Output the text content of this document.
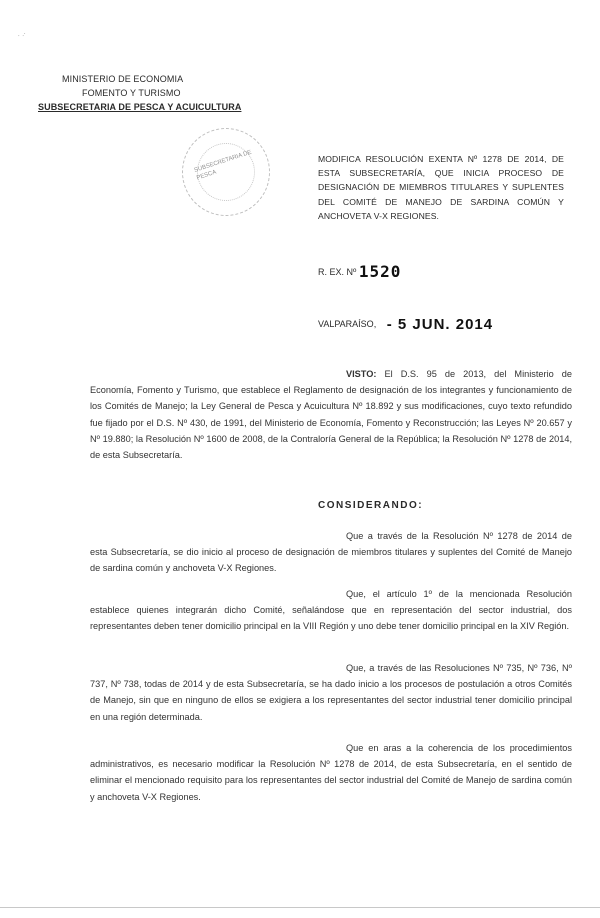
· .·
MINISTERIO DE ECONOMIA
FOMENTO Y TURISMO
SUBSECRETARIA DE PESCA Y ACUICULTURA
SUBSECRETARIA DE PESCA
MODIFICA RESOLUCIÓN EXENTA Nº 1278 DE 2014, DE ESTA SUBSECRETARÍA, QUE INICIA PROCESO DE DESIGNACIÓN DE MIEMBROS TITULARES Y SUPLENTES DEL COMITÉ DE MANEJO DE SARDINA COMÚN Y ANCHOVETA V-X REGIONES.
R. EX. Nº 1520
VALPARAÍSO, - 5 JUN. 2014
VISTO: El D.S. 95 de 2013, del Ministerio de Economía, Fomento y Turismo, que establece el Reglamento de designación de los integrantes y funcionamiento de los Comités de Manejo; la Ley General de Pesca y Acuicultura Nº 18.892 y sus modificaciones, cuyo texto refundido fue fijado por el D.S. Nº 430, de 1991, del Ministerio de Economía, Fomento y Reconstrucción; las Leyes Nº 20.657 y Nº 19.880; la Resolución Nº 1600 de 2008, de la Contraloría General de la República; la Resolución Nº 1278 de 2014, de esta Subsecretaría.
CONSIDERANDO:
Que a través de la Resolución Nº 1278 de 2014 de esta Subsecretaría, se dio inicio al proceso de designación de miembros titulares y suplentes del Comité de Manejo de sardina común y anchoveta V-X Regiones.
Que, el artículo 1º de la mencionada Resolución establece quienes integrarán dicho Comité, señalándose que en representación del sector industrial, dos representantes deben tener domicilio principal en la VIII Región y uno debe tener domicilio principal en la XIV Región.
Que, a través de las Resoluciones Nº 735, Nº 736, Nº 737, Nº 738, todas de 2014 y de esta Subsecretaría, se ha dado inicio a los procesos de postulación a otros Comités de Manejo, sin que en ninguno de ellos se exigiera a los representantes del sector industrial tener domicilio principal en una región determinada.
Que en aras a la coherencia de los procedimientos administrativos, es necesario modificar la Resolución Nº 1278 de 2014, de esta Subsecretaría, en el sentido de eliminar el mencionado requisito para los representantes del sector industrial del Comité de Manejo de sardina común y anchoveta V-X Regiones.
